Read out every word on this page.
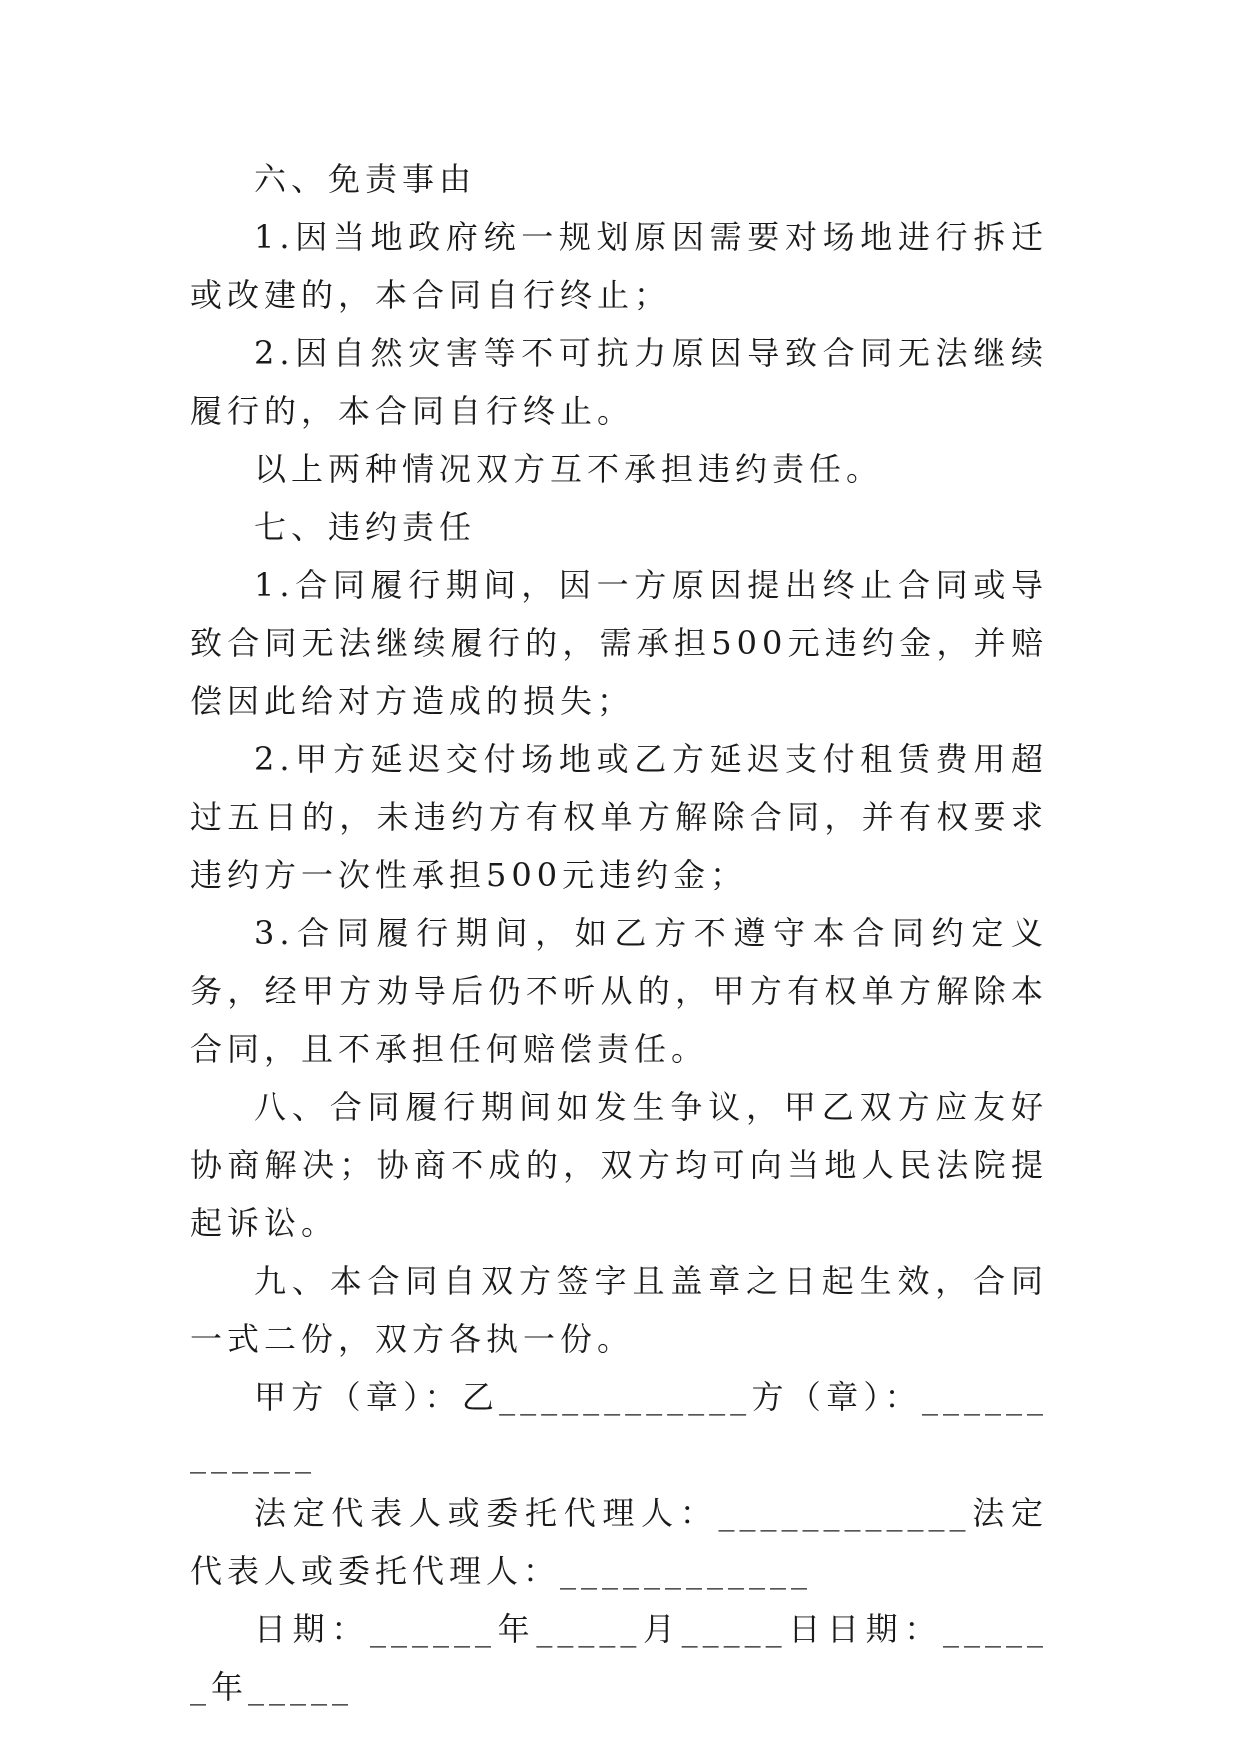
六、免责事由

1.因当地政府统一规划原因需要对场地进行拆迁或改建的，本合同自行终止；

2.因自然灾害等不可抗力原因导致合同无法继续履行的，本合同自行终止。

以上两种情况双方互不承担违约责任。

七、违约责任

1.合同履行期间，因一方原因提出终止合同或导致合同无法继续履行的，需承担500元违约金，并赔偿因此给对方造成的损失；

2.甲方延迟交付场地或乙方延迟支付租赁费用超过五日的，未违约方有权单方解除合同，并有权要求违约方一次性承担500元违约金；

3.合同履行期间，如乙方不遵守本合同约定义务，经甲方劝导后仍不听从的，甲方有权单方解除本合同，且不承担任何赔偿责任。

八、合同履行期间如发生争议，甲乙双方应友好协商解决；协商不成的，双方均可向当地人民法院提起诉讼。

九、本合同自双方签字且盖章之日起生效，合同一式二份，双方各执一份。

甲方（章）：乙____________方（章）：____________

法定代表人或委托代理人：____________法定代表人或委托代理人：____________

日期：______年_____月_____日日期：______年_____
